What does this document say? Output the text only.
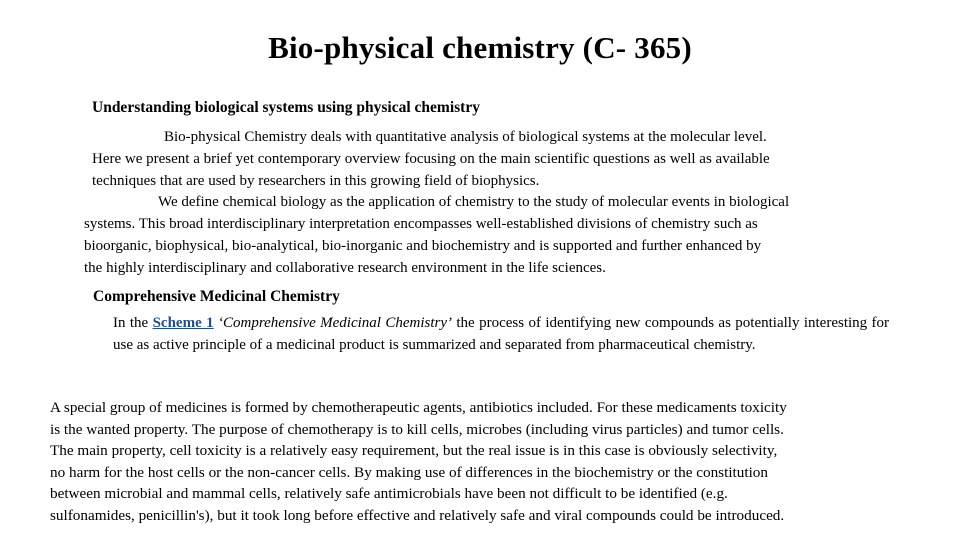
Bio-physical chemistry (C- 365)
Understanding biological systems using physical chemistry

Bio-physical Chemistry deals with quantitative analysis of biological systems at the molecular level.

Here we present a brief yet contemporary overview focusing on the main scientific questions as well as available

techniques that are used by researchers in this growing field of biophysics.

We define chemical biology as the application of chemistry to the study of molecular events in biological

systems. This broad interdisciplinary interpretation encompasses well-established divisions of chemistry such as

bioorganic, biophysical, bio-analytical, bio-inorganic and biochemistry and is supported and further enhanced by

the highly interdisciplinary and collaborative research environment in the life sciences.

Comprehensive Medicinal Chemistry

In the Scheme 1 ‘Comprehensive Medicinal Chemistry’ the process of identifying new compounds as potentially interesting for use as active principle of a medicinal product is summarized and separated from pharmaceutical chemistry.

A special group of medicines is formed by chemotherapeutic agents, antibiotics included. For these medicaments toxicity

is the wanted property. The purpose of chemotherapy is to kill cells, microbes (including virus particles) and tumor cells.

The main property, cell toxicity is a relatively easy requirement, but the real issue is in this case is obviously selectivity,

no harm for the host cells or the non-cancer cells. By making use of differences in the biochemistry or the constitution

between microbial and mammal cells, relatively safe antimicrobials have been not difficult to be identified (e.g.

sulfonamides, penicillin's), but it took long before effective and relatively safe and viral compounds could be introduced.
